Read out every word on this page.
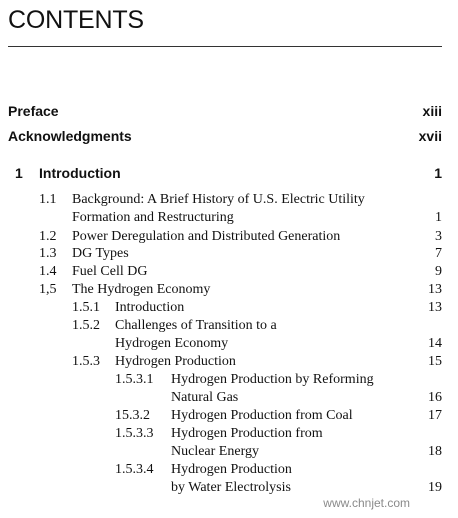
CONTENTS
Preface	xiii
Acknowledgments	xvii
1 Introduction	1
1.1 Background: A Brief History of U.S. Electric Utility
Formation and Restructuring	1
1.2 Power Deregulation and Distributed Generation	3
1.3 DG Types	7
1.4 Fuel Cell DG	9
1,5 The Hydrogen Economy	13
1.5.1 Introduction	13
1.5.2 Challenges of Transition to a
Hydrogen Economy	14
1.5.3 Hydrogen Production	15
1.5.3.1 Hydrogen Production by Reforming
Natural Gas	16
15.3.2 Hydrogen Production from Coal	17
1.5.3.3 Hydrogen Production from
Nuclear Energy	18
1.5.3.4 Hydrogen Production
by Water Electrolysis	19
www.chnjet.com
